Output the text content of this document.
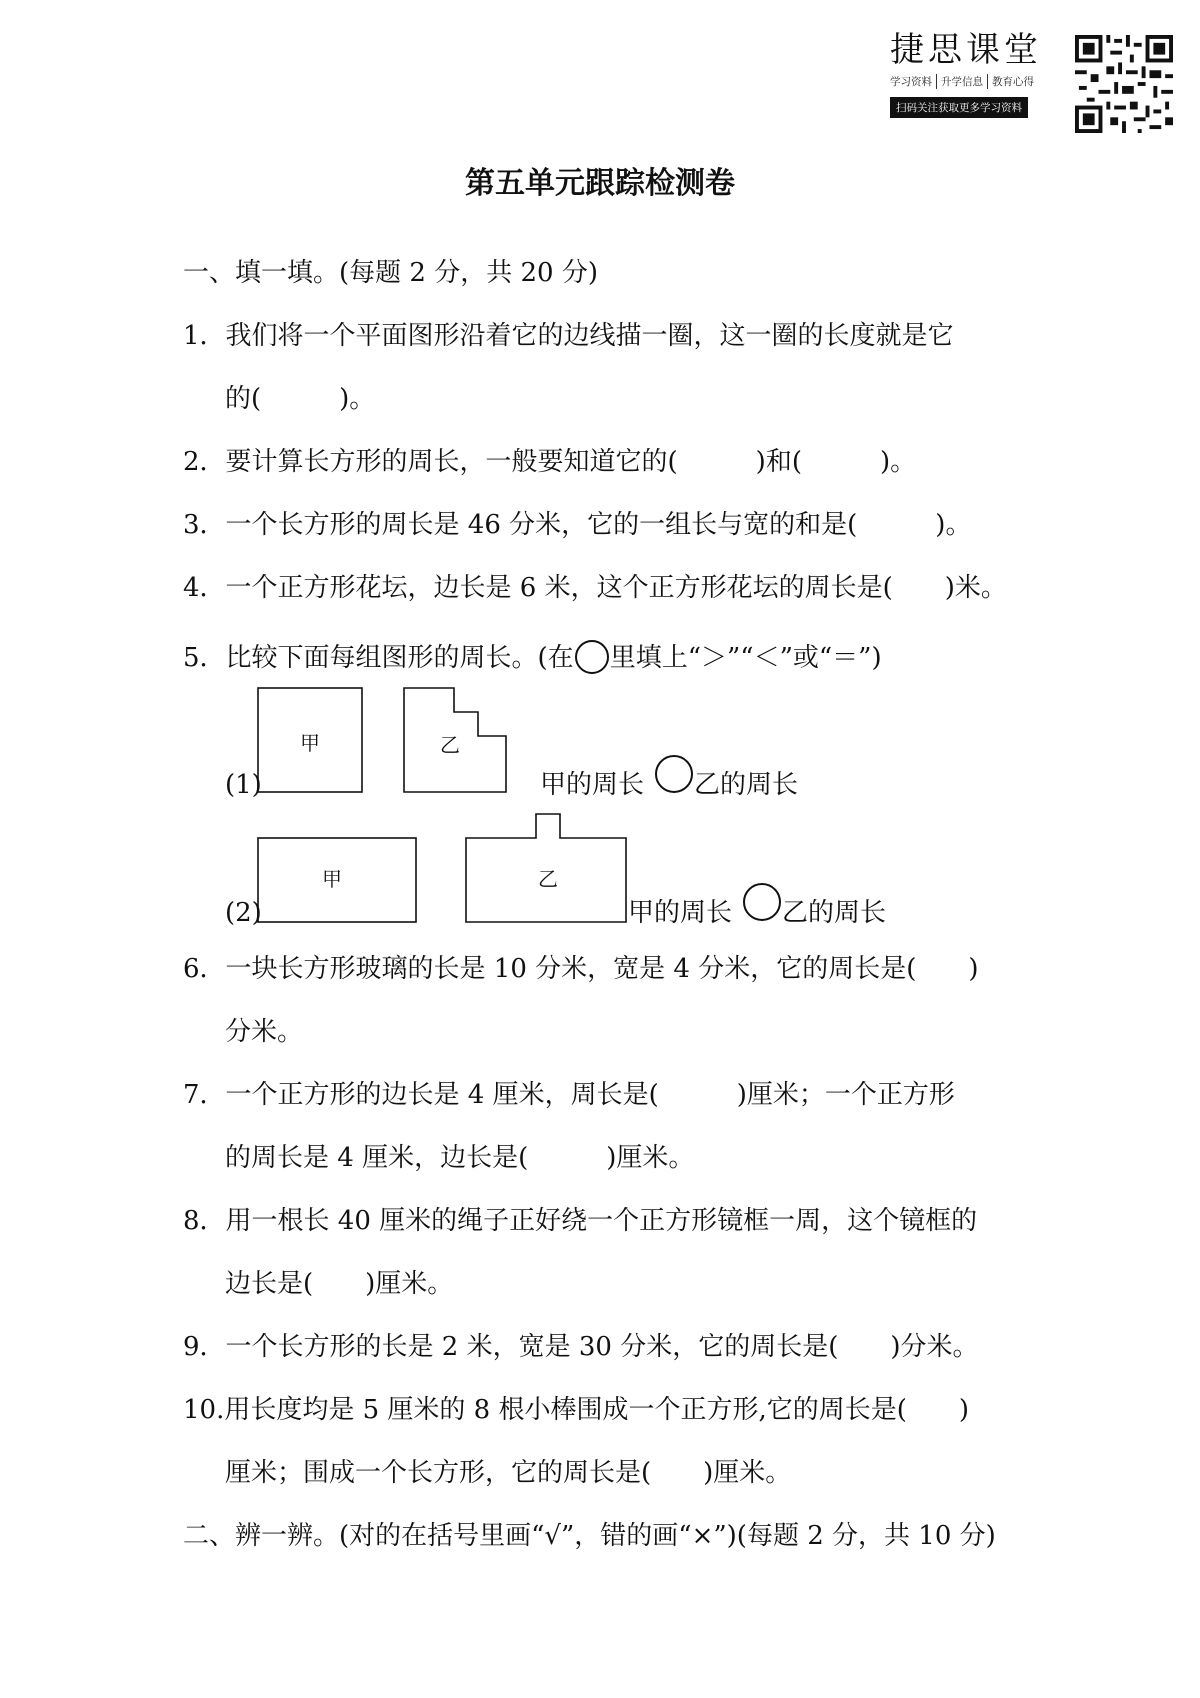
捷思课堂
学习资料 升学信息 教育心得
扫码关注获取更多学习资料
第五单元跟踪检测卷
一、填一填。(每题 2 分，共 20 分)
1．我们将一个平面图形沿着它的边线描一圈，这一圈的长度就是它
的(　　　)。
2．要计算长方形的周长，一般要知道它的(　　　)和(　　　)。
3．一个长方形的周长是 46 分米，它的一组长与宽的和是(　　　)。
4．一个正方形花坛，边长是 6 米，这个正方形花坛的周长是(　　)米。
5．比较下面每组图形的周长。(在 里填上“＞”“＜”或“＝”)
甲	乙
(1)	甲的周长 乙的周长
甲	乙
(2)	甲的周长 乙的周长
6．一块长方形玻璃的长是 10 分米，宽是 4 分米，它的周长是(　　)
分米。
7．一个正方形的边长是 4 厘米，周长是(　　　)厘米；一个正方形
的周长是 4 厘米，边长是(　　　)厘米。
8．用一根长 40 厘米的绳子正好绕一个正方形镜框一周，这个镜框的
边长是(　　)厘米。
9．一个长方形的长是 2 米，宽是 30 分米，它的周长是(　　)分米。
10.用长度均是 5 厘米的 8 根小棒围成一个正方形,它的周长是(　　)
厘米；围成一个长方形，它的周长是(　　)厘米。
二、辨一辨。(对的在括号里画“√”，错的画“×”)(每题 2 分，共 10 分)
